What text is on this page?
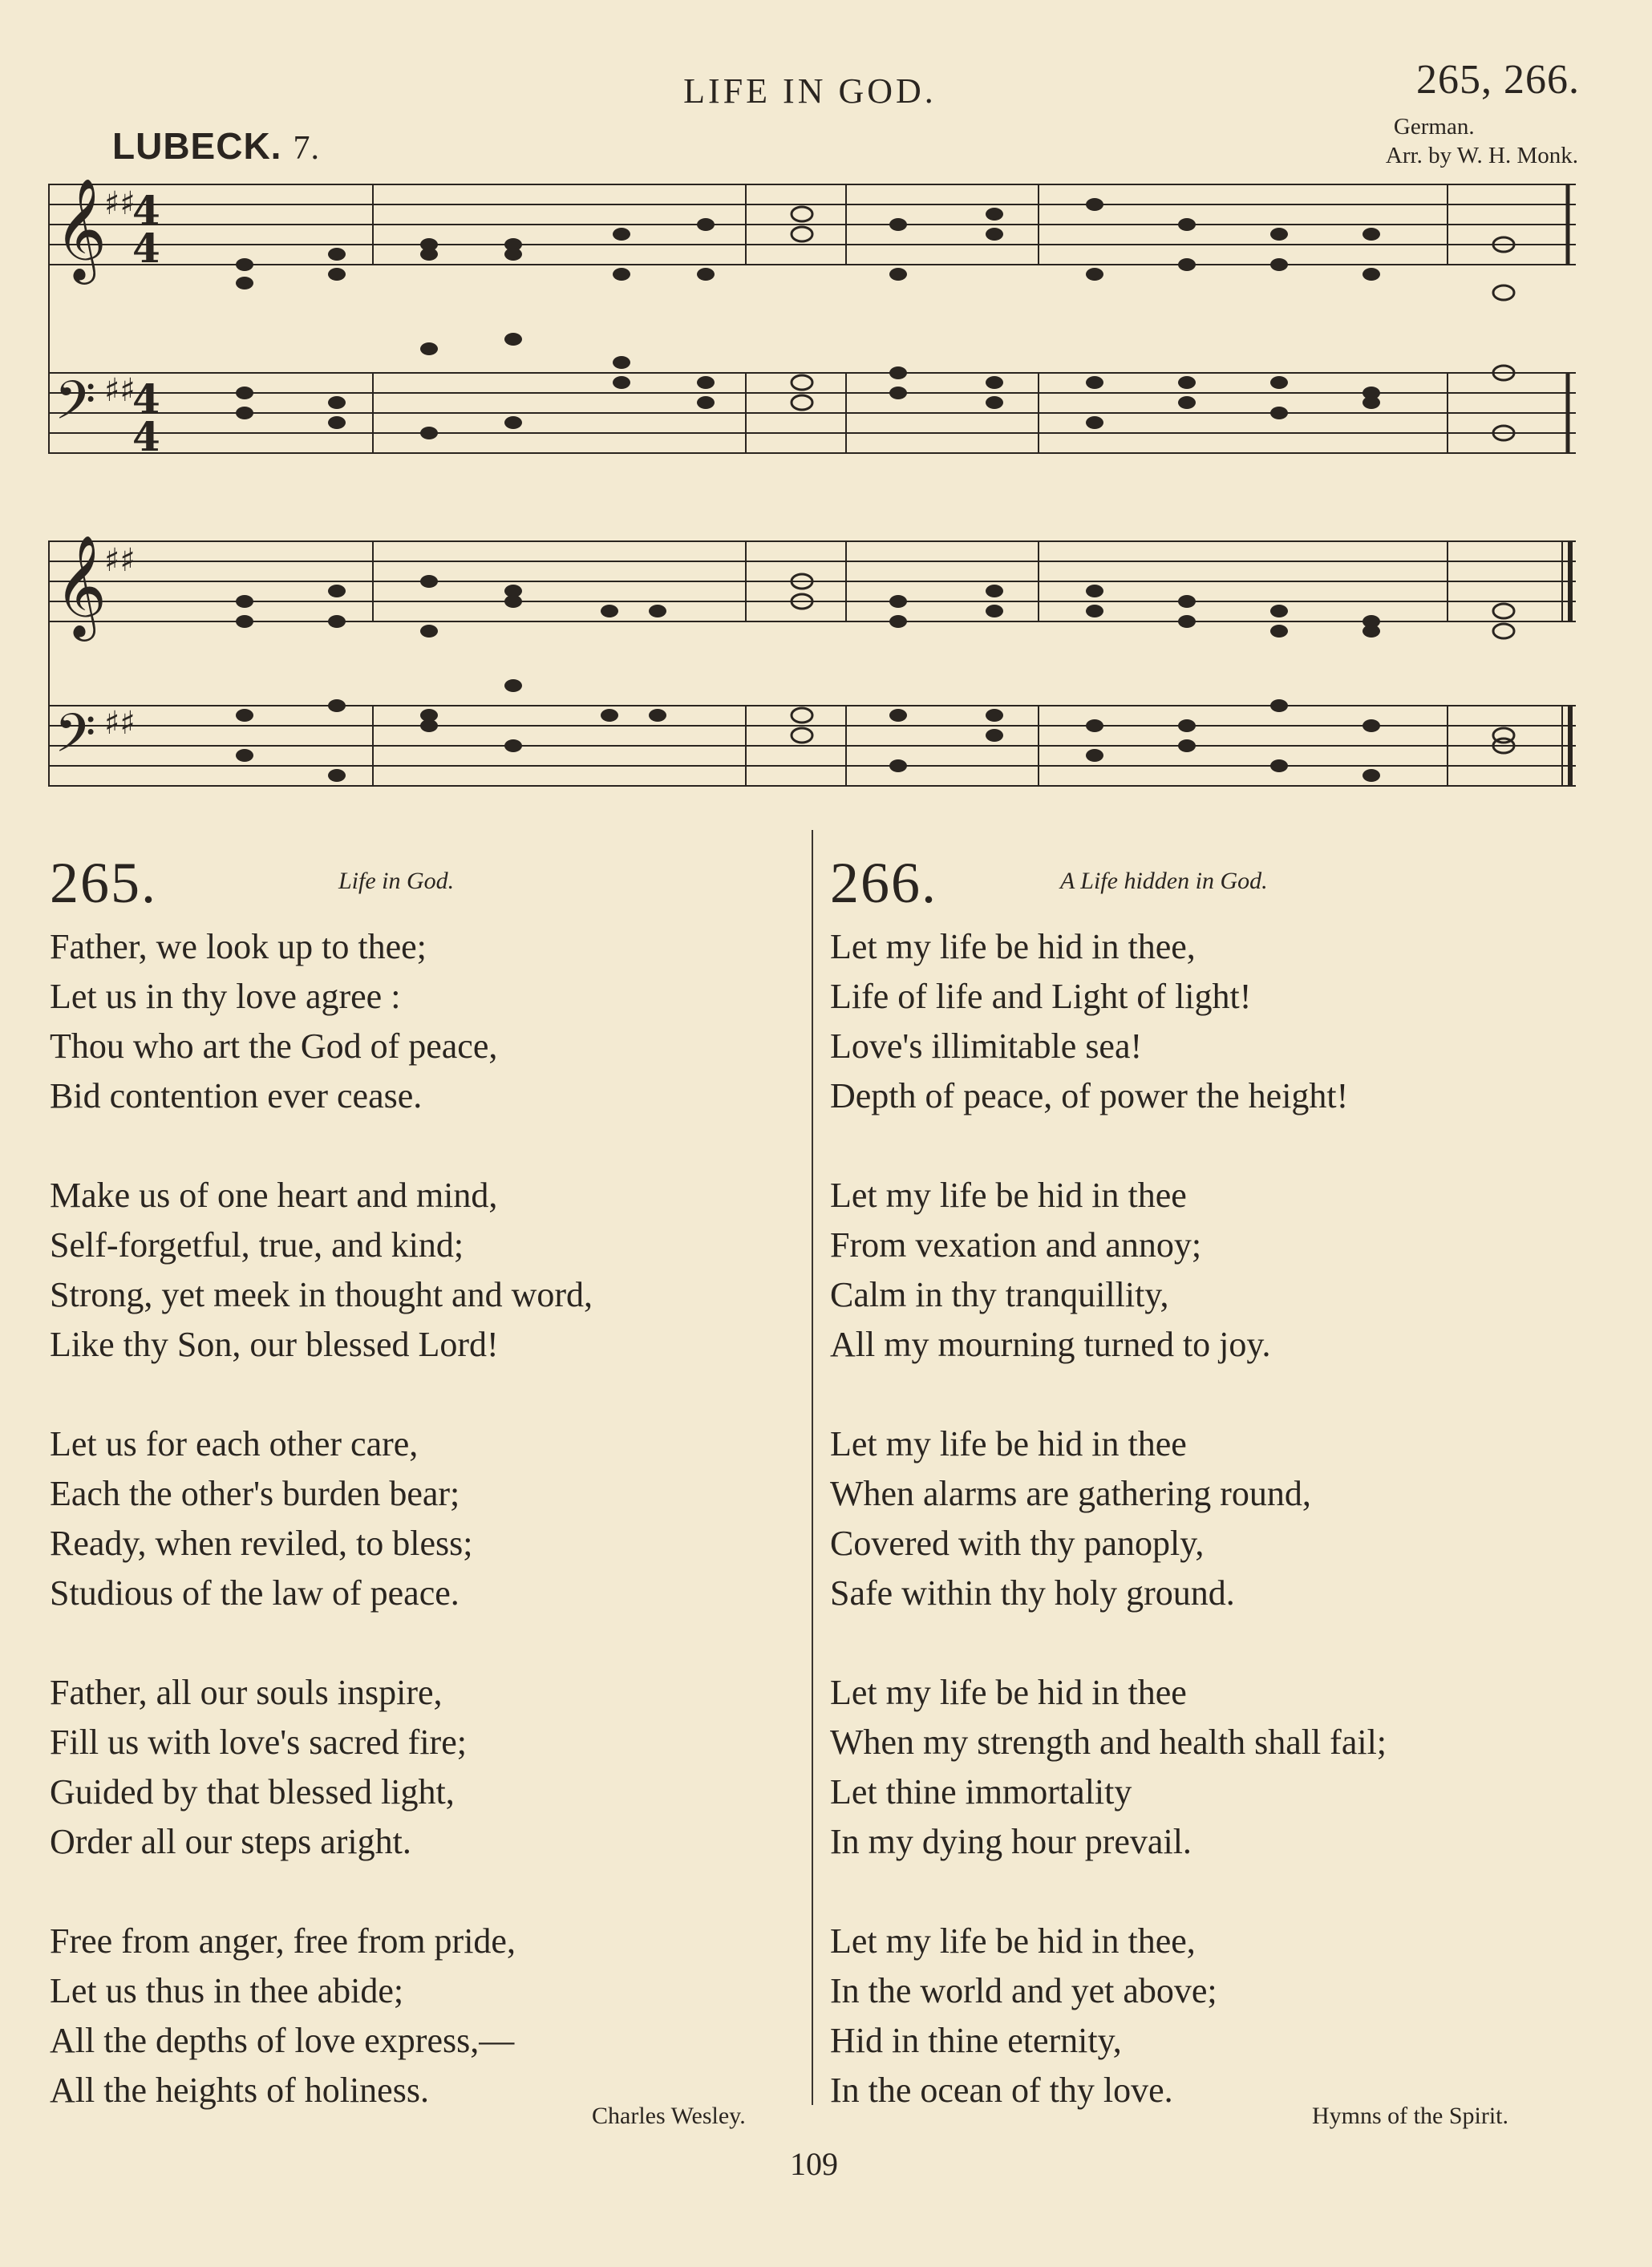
LIFE IN GOD.	265, 266.
LUBECK. 7.
German.
Arr. by W. H. Monk.
𝄞
𝄢
♯♯
♯♯
4
4
4
4
𝄞
𝄢
♯♯
♯♯
265.	Life in God.
Father, we look up to thee;
Let us in thy love agree :
Thou who art the God of peace,
Bid contention ever cease.
Make us of one heart and mind,
Self-forgetful, true, and kind;
Strong, yet meek in thought and word,
Like thy Son, our blessed Lord!
Let us for each other care,
Each the other's burden bear;
Ready, when reviled, to bless;
Studious of the law of peace.
Father, all our souls inspire,
Fill us with love's sacred fire;
Guided by that blessed light,
Order all our steps aright.
Free from anger, free from pride,
Let us thus in thee abide;
All the depths of love express,—
All the heights of holiness.
266.	A Life hidden in God.
Let my life be hid in thee,
Life of life and Light of light!
Love's illimitable sea!
Depth of peace, of power the height!
Let my life be hid in thee
From vexation and annoy;
Calm in thy tranquillity,
All my mourning turned to joy.
Let my life be hid in thee
When alarms are gathering round,
Covered with thy panoply,
Safe within thy holy ground.
Let my life be hid in thee
When my strength and health shall fail;
Let thine immortality
In my dying hour prevail.
Let my life be hid in thee,
In the world and yet above;
Hid in thine eternity,
In the ocean of thy love.
Charles Wesley.	Hymns of the Spirit.
109
